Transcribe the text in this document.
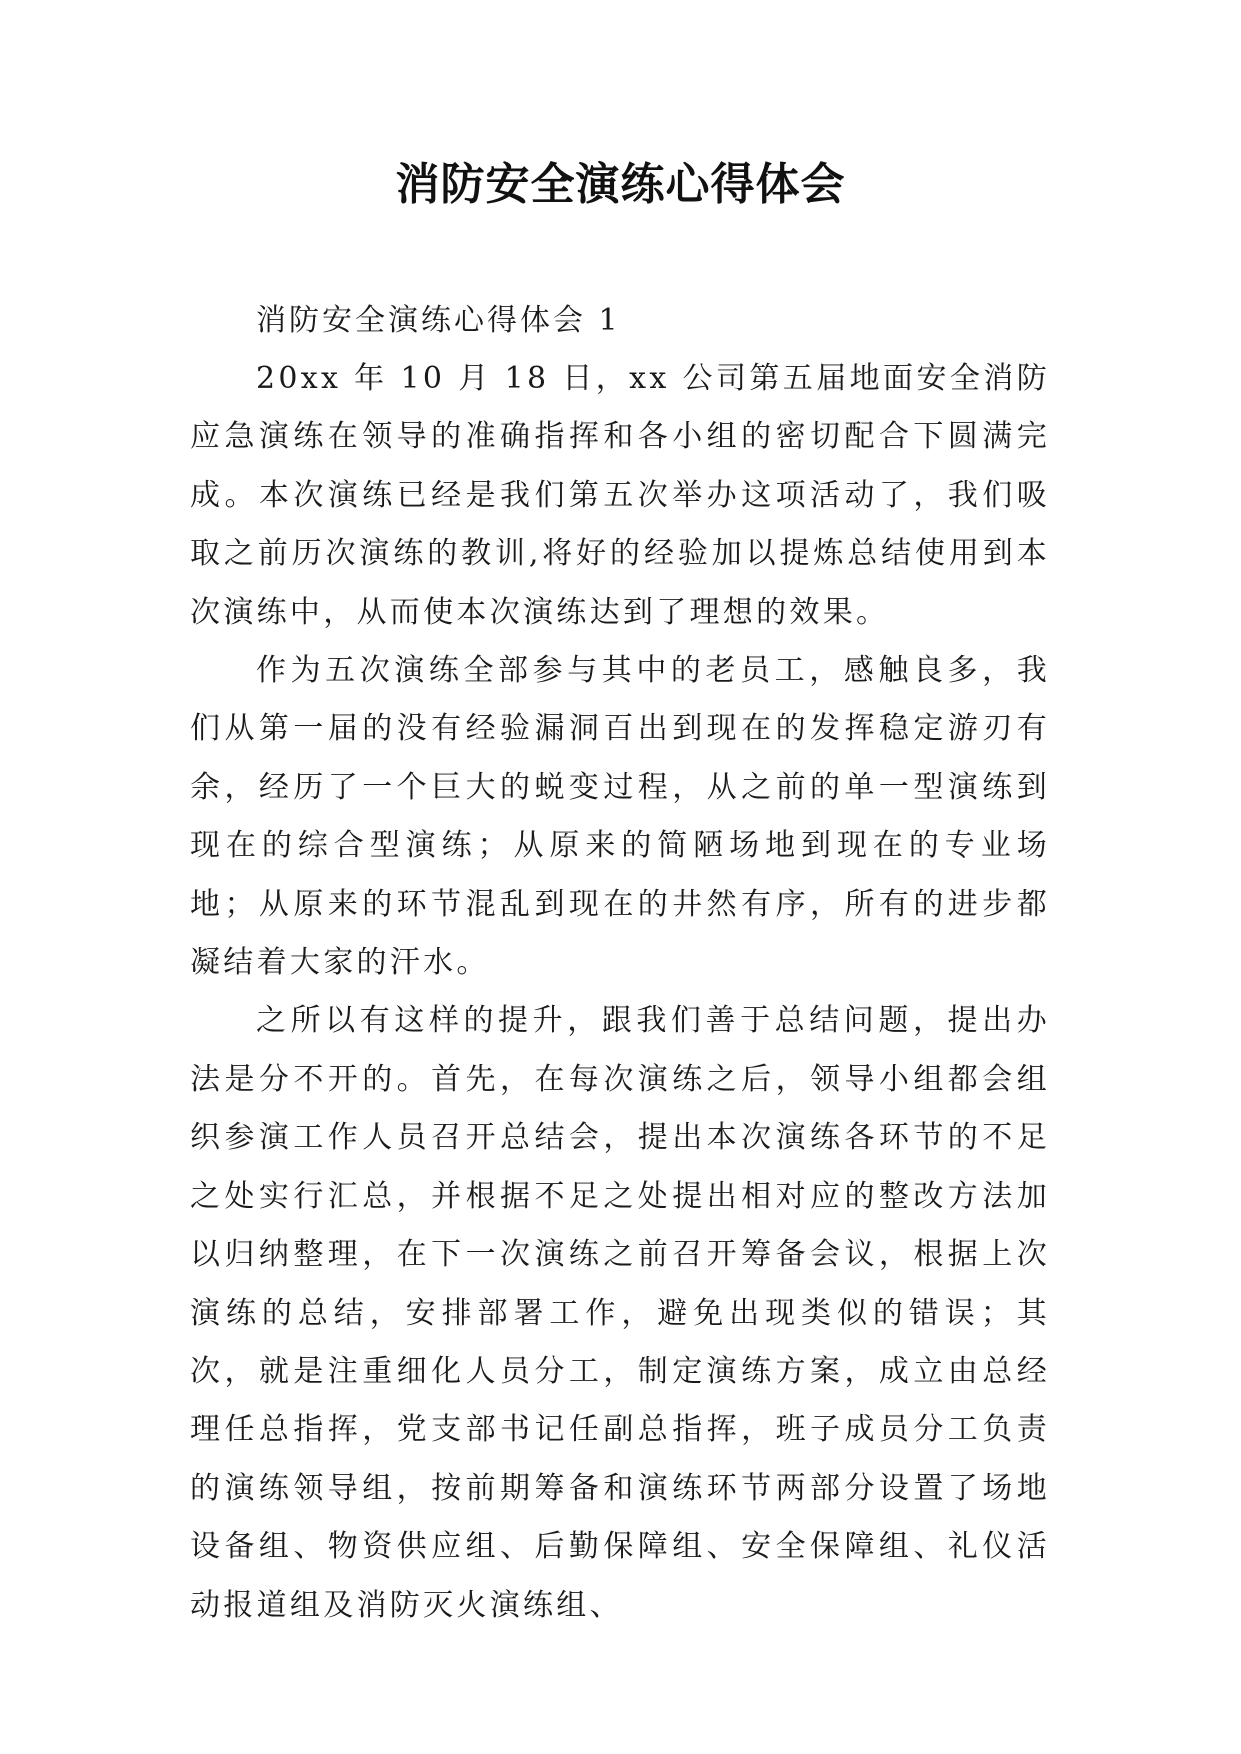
消防安全演练心得体会

消防安全演练心得体会 1

20xx 年 10 月 18 日，xx 公司第五届地面安全消防应急演练在领导的准确指挥和各小组的密切配合下圆满完成。本次演练已经是我们第五次举办这项活动了，我们吸取之前历次演练的教训,将好的经验加以提炼总结使用到本次演练中，从而使本次演练达到了理想的效果。

作为五次演练全部参与其中的老员工，感触良多，我们从第一届的没有经验漏洞百出到现在的发挥稳定游刃有余，经历了一个巨大的蜕变过程，从之前的单一型演练到现在的综合型演练；从原来的简陋场地到现在的专业场地；从原来的环节混乱到现在的井然有序，所有的进步都凝结着大家的汗水。

之所以有这样的提升，跟我们善于总结问题，提出办法是分不开的。首先，在每次演练之后，领导小组都会组织参演工作人员召开总结会，提出本次演练各环节的不足之处实行汇总，并根据不足之处提出相对应的整改方法加以归纳整理，在下一次演练之前召开筹备会议，根据上次演练的总结，安排部署工作，避免出现类似的错误；其次，就是注重细化人员分工，制定演练方案，成立由总经理任总指挥，党支部书记任副总指挥，班子成员分工负责的演练领导组，按前期筹备和演练环节两部分设置了场地设备组、物资供应组、后勤保障组、安全保障组、礼仪活动报道组及消防灭火演练组、
